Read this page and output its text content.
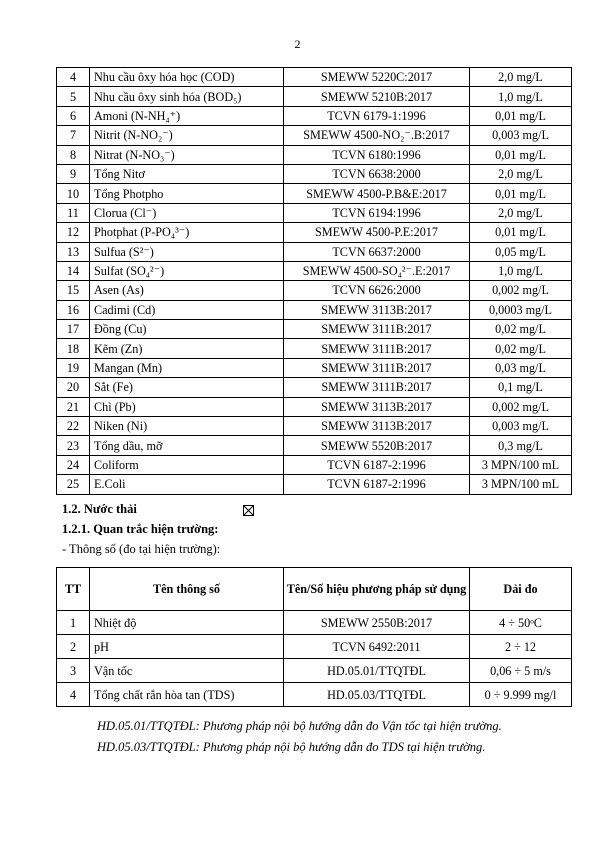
2
4	Nhu cầu ôxy hóa học (COD)	SMEWW 5220C:2017	2,0 mg/L
5	Nhu cầu ôxy sinh hóa (BOD₅)	SMEWW 5210B:2017	1,0 mg/L
6	Amoni (N-NH₄⁺)	TCVN 6179-1:1996	0,01 mg/L
7	Nitrit (N-NO₂⁻)	SMEWW 4500-NO₂⁻.B:2017	0,003 mg/L
8	Nitrat (N-NO₃⁻)	TCVN 6180:1996	0,01 mg/L
9	Tổng Nitơ	TCVN 6638:2000	2,0 mg/L
10	Tổng Photpho	SMEWW 4500-P.B&E:2017	0,01 mg/L
11	Clorua (Cl⁻)	TCVN 6194:1996	2,0 mg/L
12	Photphat (P-PO₄³⁻)	SMEWW 4500-P.E:2017	0,01 mg/L
13	Sulfua (S²⁻)	TCVN 6637:2000	0,05 mg/L
14	Sulfat (SO₄²⁻)	SMEWW 4500-SO₄²⁻.E:2017	1,0 mg/L
15	Asen (As)	TCVN 6626:2000	0,002 mg/L
16	Cadimi (Cd)	SMEWW 3113B:2017	0,0003 mg/L
17	Đồng (Cu)	SMEWW 3111B:2017	0,02 mg/L
18	Kẽm (Zn)	SMEWW 3111B:2017	0,02 mg/L
19	Mangan (Mn)	SMEWW 3111B:2017	0,03 mg/L
20	Sắt (Fe)	SMEWW 3111B:2017	0,1 mg/L
21	Chì (Pb)	SMEWW 3113B:2017	0,002 mg/L
22	Niken (Ni)	SMEWW 3113B:2017	0,003 mg/L
23	Tổng dầu, mỡ	SMEWW 5520B:2017	0,3 mg/L
24	Coliform	TCVN 6187-2:1996	3 MPN/100 mL
25	E.Coli	TCVN 6187-2:1996	3 MPN/100 mL
1.2. Nước thải
1.2.1. Quan trắc hiện trường:
- Thông số (đo tại hiện trường):
TT	Tên thông số	Tên/Số hiệu phương pháp sử dụng	Dải đo
1	Nhiệt độ	SMEWW 2550B:2017	4 ÷ 50ᵒC
2	pH	TCVN 6492:2011	2 ÷ 12
3	Vận tốc	HD.05.01/TTQTĐL	0,06 ÷ 5 m/s
4	Tổng chất rắn hòa tan (TDS)	HD.05.03/TTQTĐL	0 ÷ 9.999 mg/l
HD.05.01/TTQTĐL: Phương pháp nội bộ hướng dẫn đo Vận tốc tại hiện trường.
HD.05.03/TTQTĐL: Phương pháp nội bộ hướng dẫn đo TDS tại hiện trường.
